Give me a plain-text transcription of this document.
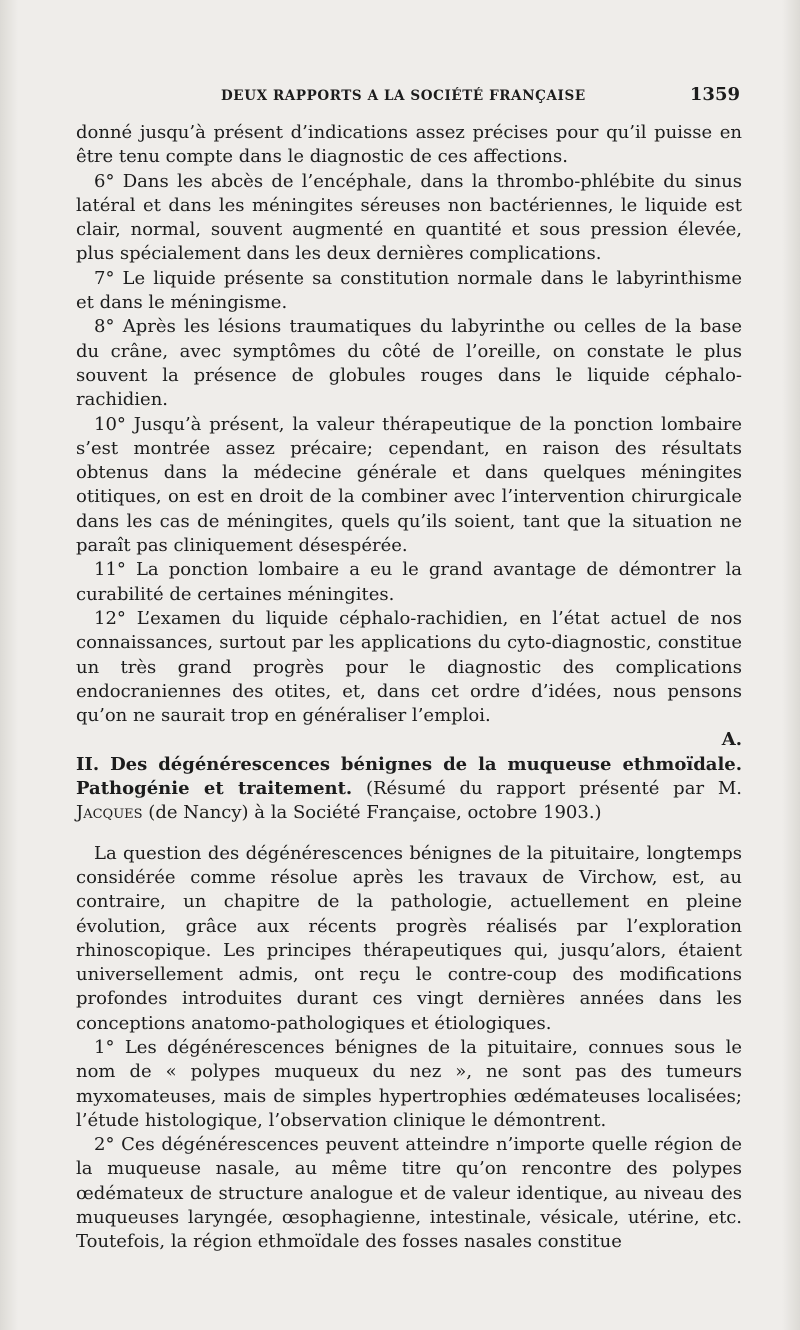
DEUX RAPPORTS A LA SOCIÉTÉ FRANÇAISE	1359

donné jusqu’à présent d’indications assez précises pour qu’il puisse en être tenu compte dans le diagnostic de ces affections.

6° Dans les abcès de l’encéphale, dans la thrombo-phlébite du sinus latéral et dans les méningites séreuses non bactériennes, le liquide est clair, normal, souvent augmenté en quantité et sous pression élevée, plus spécialement dans les deux dernières complications.

7° Le liquide présente sa constitution normale dans le labyrinthisme et dans le méningisme.

8° Après les lésions traumatiques du labyrinthe ou celles de la base du crâne, avec symptômes du côté de l’oreille, on constate le plus souvent la présence de globules rouges dans le liquide céphalo-rachidien.

10° Jusqu’à présent, la valeur thérapeutique de la ponction lombaire s’est montrée assez précaire; cependant, en raison des résultats obtenus dans la médecine générale et dans quelques méningites otitiques, on est en droit de la combiner avec l’intervention chirurgicale dans les cas de méningites, quels qu’ils soient, tant que la situation ne paraît pas cliniquement désespérée.

11° La ponction lombaire a eu le grand avantage de démontrer la curabilité de certaines méningites.

12° L’examen du liquide céphalo-rachidien, en l’état actuel de nos connaissances, surtout par les applications du cyto-diagnostic, constitue un très grand progrès pour le diagnostic des complications endocraniennes des otites, et, dans cet ordre d’idées, nous pensons qu’on ne saurait trop en généraliser l’emploi.

A.

II. Des dégénérescences bénignes de la muqueuse ethmoïdale. Pathogénie et traitement. (Résumé du rapport présenté par M. Jacques (de Nancy) à la Société Française, octobre 1903.)

La question des dégénérescences bénignes de la pituitaire, longtemps considérée comme résolue après les travaux de Virchow, est, au contraire, un chapitre de la pathologie, actuellement en pleine évolution, grâce aux récents progrès réalisés par l’exploration rhinoscopique. Les principes thérapeutiques qui, jusqu’alors, étaient universellement admis, ont reçu le contre-coup des modifications profondes introduites durant ces vingt dernières années dans les conceptions anatomo-pathologiques et étiologiques.

1° Les dégénérescences bénignes de la pituitaire, connues sous le nom de « polypes muqueux du nez », ne sont pas des tumeurs myxomateuses, mais de simples hypertrophies œdémateuses localisées; l’étude histologique, l’observation clinique le démontrent.

2° Ces dégénérescences peuvent atteindre n’importe quelle région de la muqueuse nasale, au même titre qu’on rencontre des polypes œdémateux de structure analogue et de valeur identique, au niveau des muqueuses laryngée, œsophagienne, intestinale, vésicale, utérine, etc. Toutefois, la région ethmoïdale des fosses nasales constitue
